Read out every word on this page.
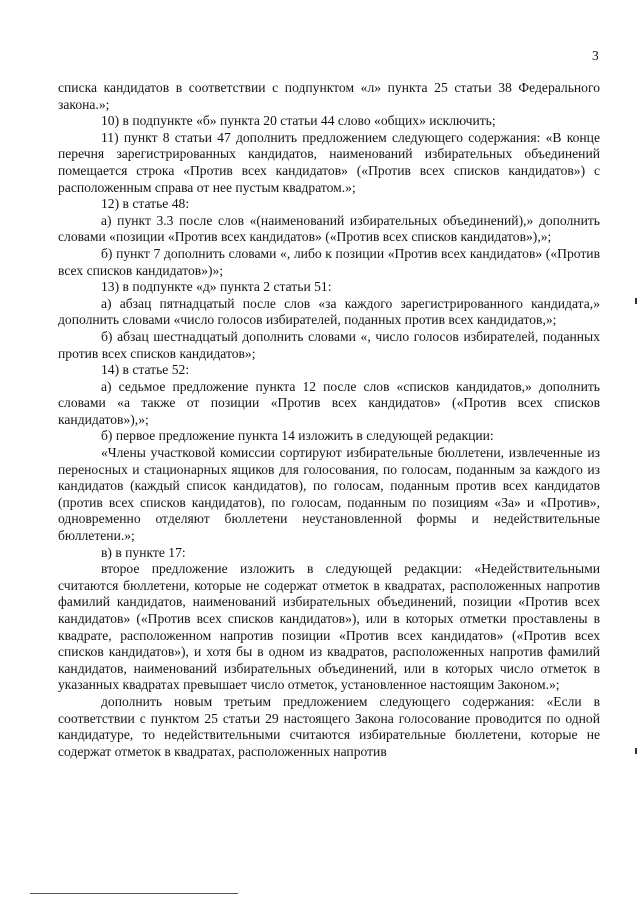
3

списка кандидатов в соответствии с подпунктом «л» пункта 25 статьи 38 Федерального закона.»;

10) в подпункте «б» пункта 20 статьи 44 слово «общих» исключить;

11) пункт 8 статьи 47 дополнить предложением следующего содержания: «В конце перечня зарегистрированных кандидатов, наименований избирательных объединений помещается строка «Против всех кандидатов» («Против всех списков кандидатов») с расположенным справа от нее пустым квадратом.»;

12) в статье 48:

а) пункт 3.3 после слов «(наименований избирательных объединений),» дополнить словами «позиции «Против всех кандидатов» («Против всех списков кандидатов»),»;

б) пункт 7 дополнить словами «, либо к позиции «Против всех кандидатов» («Против всех списков кандидатов»)»;

13) в подпункте «д» пункта 2 статьи 51:

а) абзац пятнадцатый после слов «за каждого зарегистрированного кандидата,» дополнить словами «число голосов избирателей, поданных против всех кандидатов,»;

б) абзац шестнадцатый дополнить словами «, число голосов избирателей, поданных против всех списков кандидатов»;

14) в статье 52:

а) седьмое предложение пункта 12 после слов «списков кандидатов,» дополнить словами «а также от позиции «Против всех кандидатов» («Против всех списков кандидатов»),»;

б) первое предложение пункта 14 изложить в следующей редакции:

«Члены участковой комиссии сортируют избирательные бюллетени, извлеченные из переносных и стационарных ящиков для голосования, по голосам, поданным за каждого из кандидатов (каждый список кандидатов), по голосам, поданным против всех кандидатов (против всех списков кандидатов), по голосам, поданным по позициям «За» и «Против», одновременно отделяют бюллетени неустановленной формы и недействительные бюллетени.»;

в) в пункте 17:

второе предложение изложить в следующей редакции: «Недействительными считаются бюллетени, которые не содержат отметок в квадратах, расположенных напротив фамилий кандидатов, наименований избирательных объединений, позиции «Против всех кандидатов» («Против всех списков кандидатов»), или в которых отметки проставлены в квадрате, расположенном напротив позиции «Против всех кандидатов» («Против всех списков кандидатов»), и хотя бы в одном из квадратов, расположенных напротив фамилий кандидатов, наименований избирательных объединений, или в которых число отметок в указанных квадратах превышает число отметок, установленное настоящим Законом.»;

дополнить новым третьим предложением следующего содержания: «Если в соответствии с пунктом 25 статьи 29 настоящего Закона голосование проводится по одной кандидатуре, то недействительными считаются избирательные бюллетени, которые не содержат отметок в квадратах, расположенных напротив
